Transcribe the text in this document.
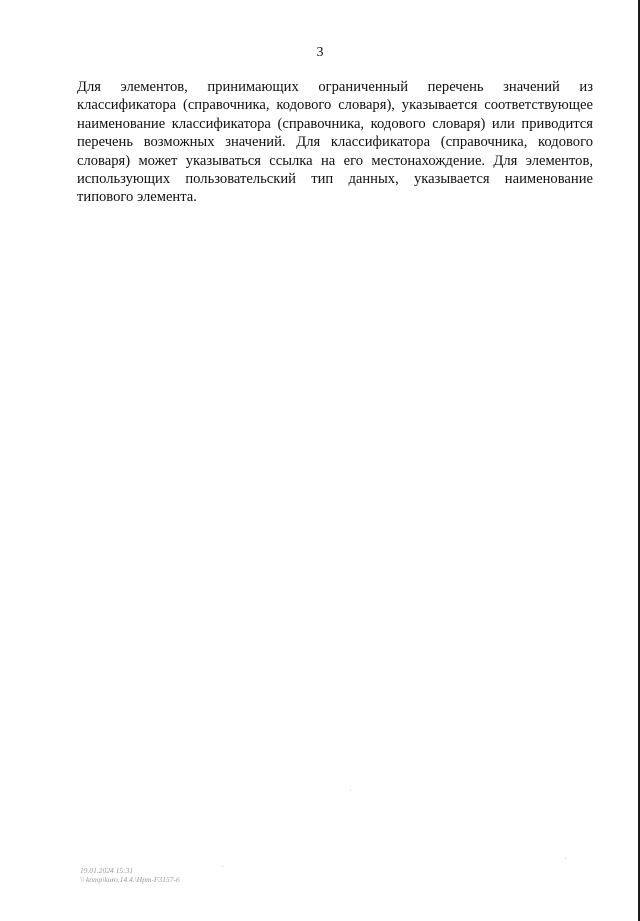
3

Для элементов, принимающих ограниченный перечень значений из классификатора (справочника, кодового словаря), указывается соответствующее наименование классификатора (справочника, кодового словаря) или приводится перечень возможных значений. Для классификатора (справочника, кодового словаря) может указываться ссылка на его местонахождение. Для элементов, использующих пользовательский тип данных, указывается наименование типового элемента.

19.01.2024 15:31
\\ komp\kuro.14.4.\Hpm-F3157-6
